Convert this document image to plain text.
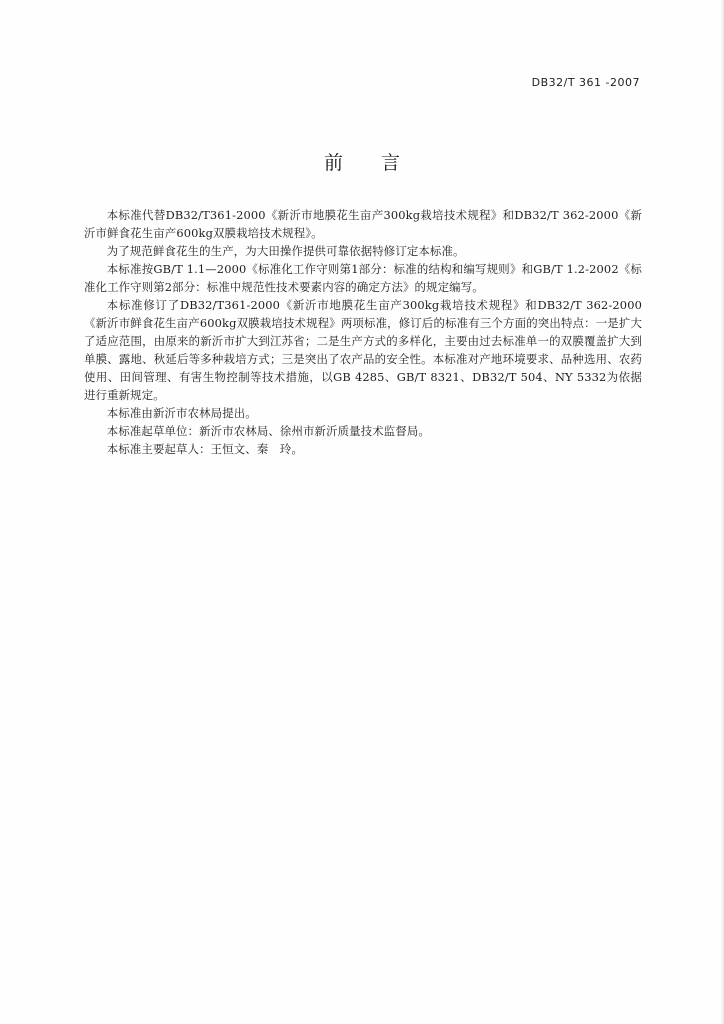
DB32/T 361 -2007
前言

本标准代替DB32/T361-2000《新沂市地膜花生亩产300kg栽培技术规程》和DB32/T 362-2000《新沂市鲜食花生亩产600kg双膜栽培技术规程》。

为了规范鲜食花生的生产，为大田操作提供可靠依据特修订定本标准。

本标准按GB/T 1.1—2000《标准化工作守则第1部分：标准的结构和编写规则》和GB/T 1.2-2002《标准化工作守则第2部分：标准中规范性技术要素内容的确定方法》的规定编写。

本标准修订了DB32/T361-2000《新沂市地膜花生亩产300kg栽培技术规程》和DB32/T 362-2000《新沂市鲜食花生亩产600kg双膜栽培技术规程》两项标准，修订后的标准有三个方面的突出特点：一是扩大了适应范围，由原来的新沂市扩大到江苏省；二是生产方式的多样化，主要由过去标准单一的双膜覆盖扩大到单膜、露地、秋延后等多种栽培方式；三是突出了农产品的安全性。本标准对产地环境要求、品种选用、农药使用、田间管理、有害生物控制等技术措施，以GB 4285、GB/T 8321、DB32/T 504、NY 5332为依据进行重新规定。

本标准由新沂市农林局提出。

本标准起草单位：新沂市农林局、徐州市新沂质量技术监督局。

本标准主要起草人：王恒文、秦　玲。
